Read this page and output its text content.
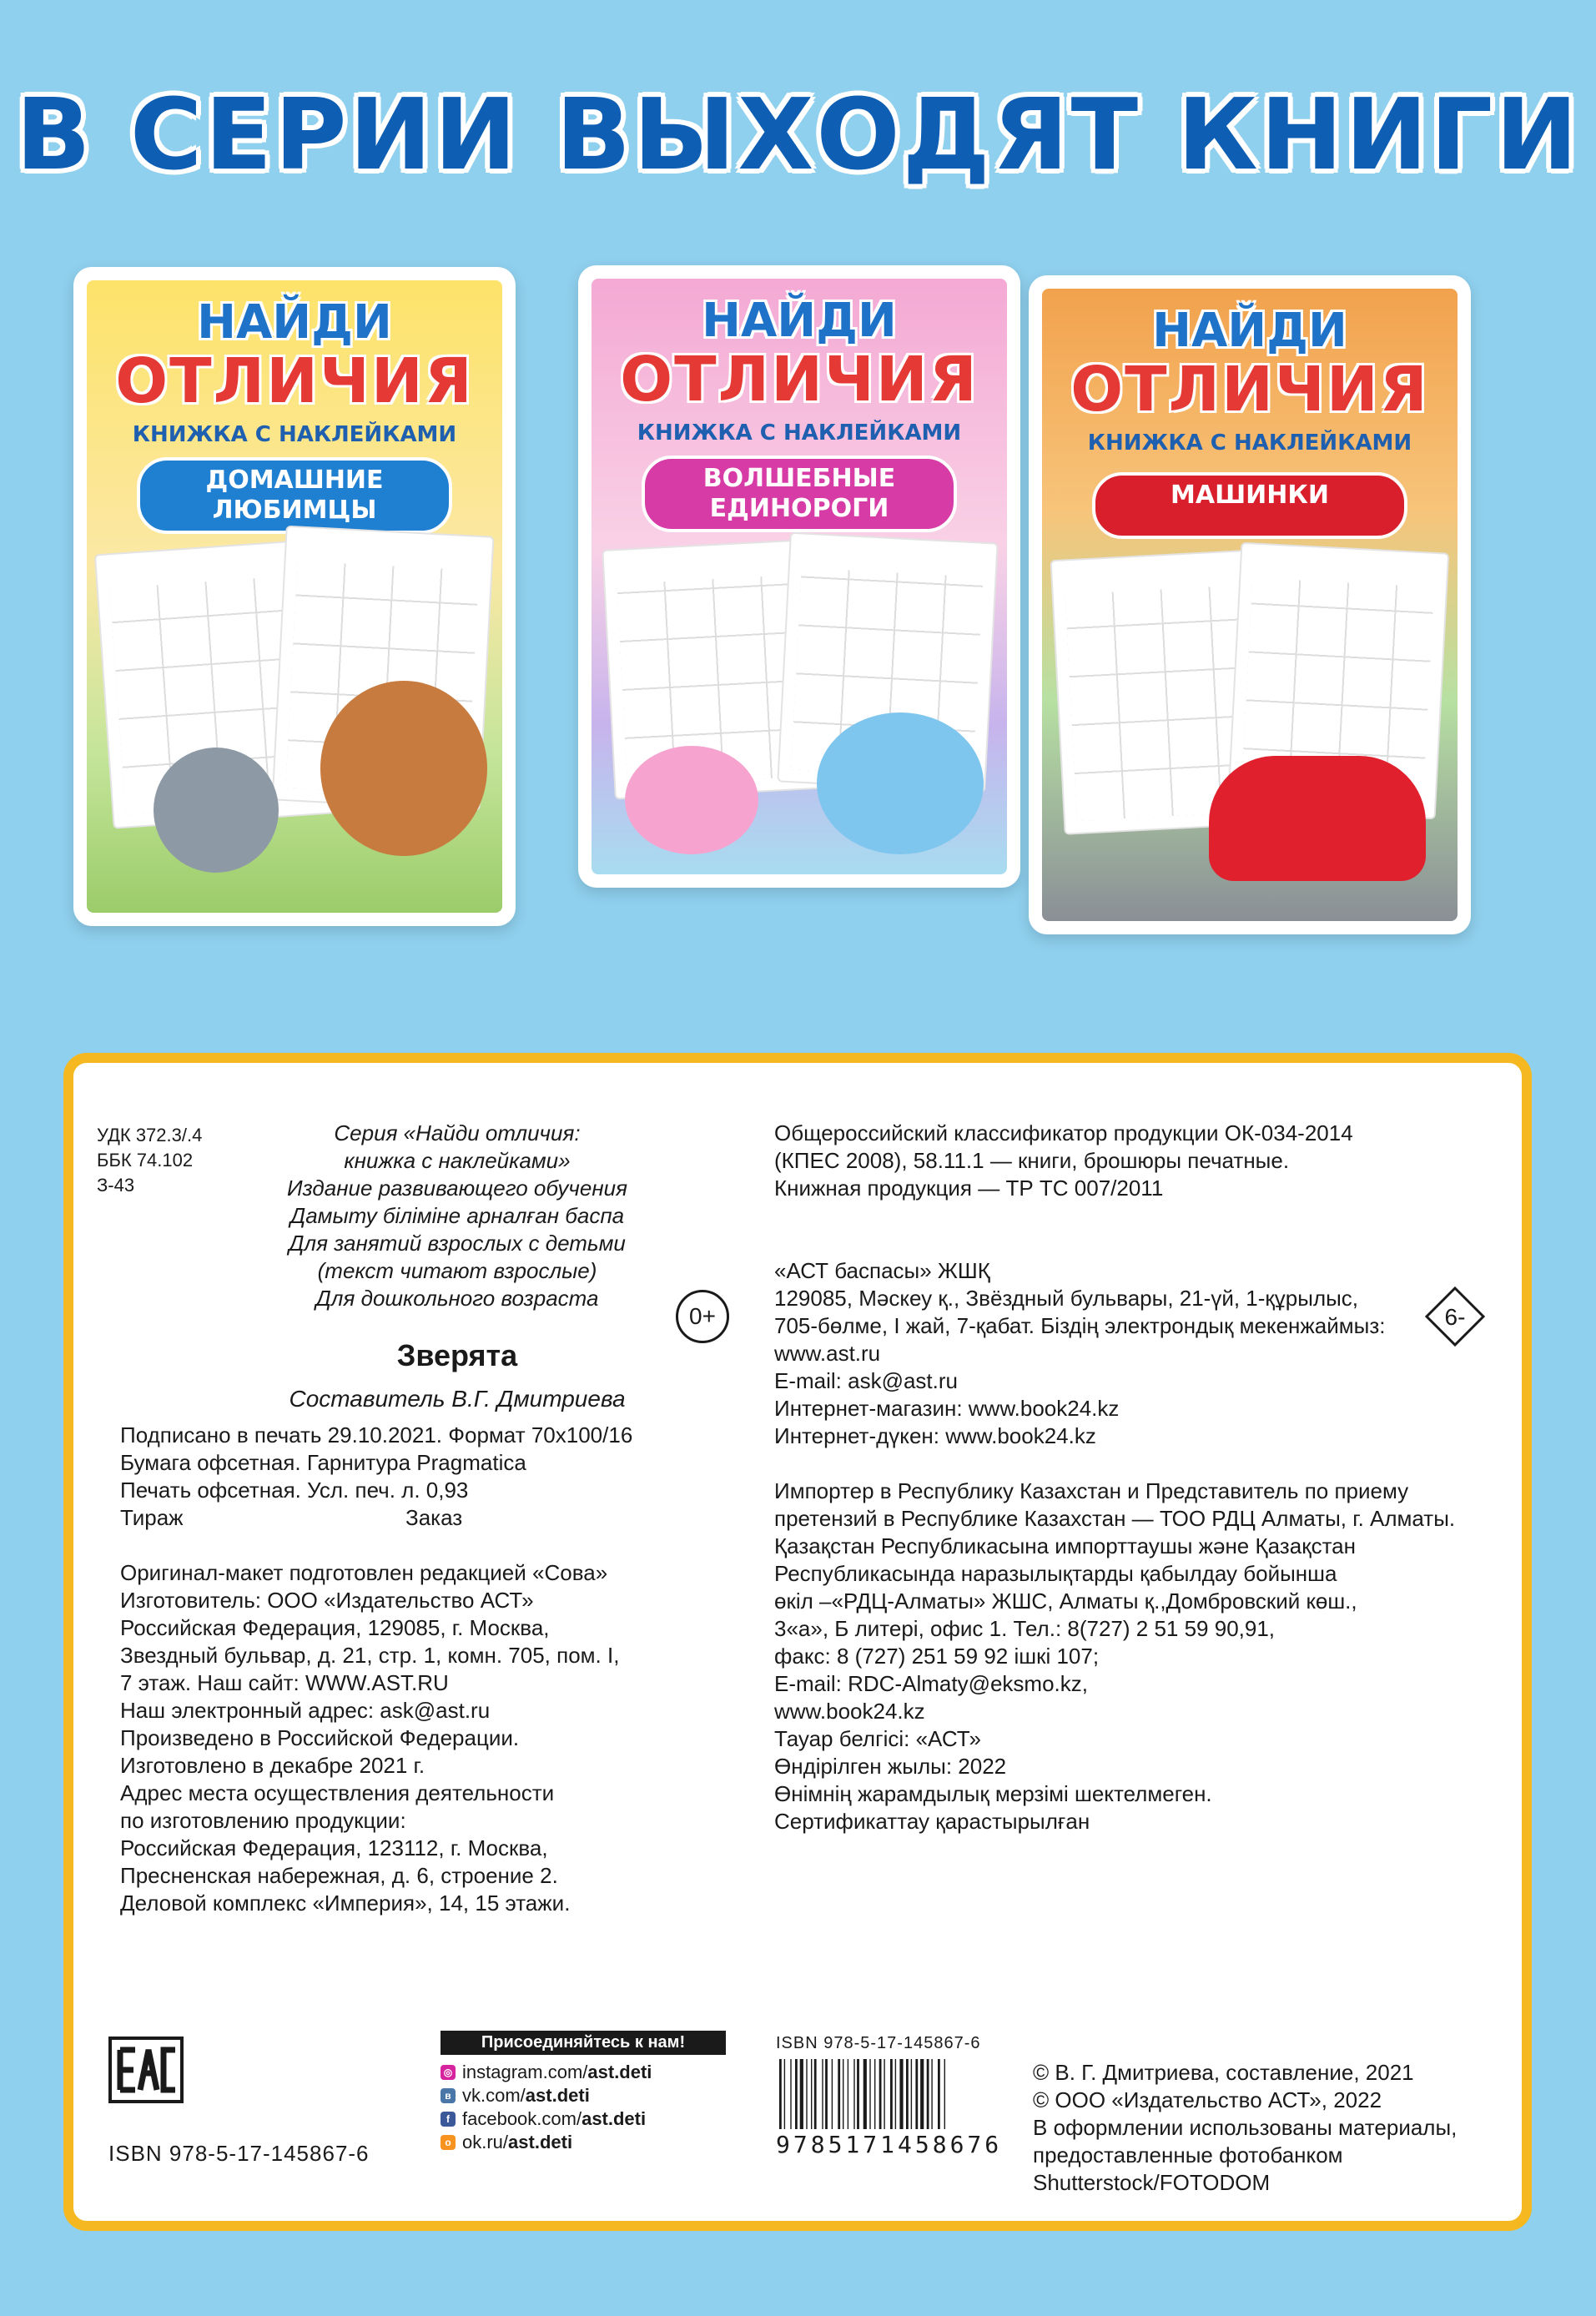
В СЕРИИ ВЫХОДЯТ КНИГИ
НАЙДИ
ОТЛИЧИЯ
КНИЖКА С НАКЛЕЙКАМИ
ДОМАШНИЕ ЛЮБИМЦЫ
НАЙДИ
ОТЛИЧИЯ
КНИЖКА С НАКЛЕЙКАМИ
ВОЛШЕБНЫЕ ЕДИНОРОГИ
НАЙДИ
ОТЛИЧИЯ
КНИЖКА С НАКЛЕЙКАМИ
МАШИНКИ
УДК 372.3/.4
ББК 74.102
З-43
Серия «Найди отличия:
книжка с наклейками»
Издание развивающего обучения
Дамыту біліміне арналған баспа
Для занятий взрослых с детьми
(текст читают взрослые)
Для дошкольного возраста
0+
Зверята
Составитель В.Г. Дмитриева
Подписано в печать 29.10.2021. Формат 70x100/16
Бумага офсетная. Гарнитура Pragmatica
Печать офсетная. Усл. печ. л. 0,93
Тираж	Заказ
Оригинал-макет подготовлен редакцией «Сова»
Изготовитель: ООО «Издательство АСТ»
Российская Федерация, 129085, г. Москва,
Звездный бульвар, д. 21, стр. 1, комн. 705, пом. I,
7 этаж. Наш сайт: WWW.AST.RU
Наш электронный адрес: ask@ast.ru
Произведено в Российской Федерации.
Изготовлено в декабре 2021 г.
Адрес места осуществления деятельности
по изготовлению продукции:
Российская Федерация, 123112, г. Москва,
Пресненская набережная, д. 6, строение 2.
Деловой комплекс «Империя», 14, 15 этажи.
Общероссийский классификатор продукции ОК-034-2014
(КПЕС 2008), 58.11.1 — книги, брошюры печатные.
Книжная продукция — ТР ТС 007/2011
«АСТ баспасы» ЖШҚ
129085, Мәскеу қ., Звёздный бульвары, 21-үй, 1-құрылыс,
705-бөлме, I жай, 7-қабат. Біздің электрондық мекенжаймыз:
www.ast.ru
E-mail: ask@ast.ru
Интернет-магазин: www.book24.kz
Интернет-дүкен: www.book24.kz
Импортер в Республику Казахстан и Представитель по приему
претензий в Республике Казахстан — ТОО РДЦ Алматы, г. Алматы.
Қазақстан Республикасына импорттаушы және Қазақстан
Республикасында наразылықтарды қабылдау бойынша
өкіл –«РДЦ-Алматы» ЖШС, Алматы қ.,Домбровский көш.,
3«а», Б литері, офис 1. Тел.: 8(727) 2 51 59 90,91,
факс: 8 (727) 251 59 92 ішкі 107;
E-mail: RDC-Almaty@eksmo.kz,
www.book24.kz
Тауар белгісі: «АСТ»
Өндірілген жылы: 2022
Өнімнің жарамдылық мерзімі шектелмеген.
Сертификаттау қарастырылған
6-
ISBN 978-5-17-145867-6
Присоединяйтесь к нам!
◎ instagram.com/ ast.deti
в vk.com/ ast.deti
f facebook.com/ ast.deti
о ok.ru/ ast.deti
ISBN 978-5-17-145867-6
9785171458676
© В. Г. Дмитриева, составление, 2021
© ООО «Издательство АСТ», 2022
В оформлении использованы материалы,
предоставленные фотобанком
Shutterstock/FOTODOM
